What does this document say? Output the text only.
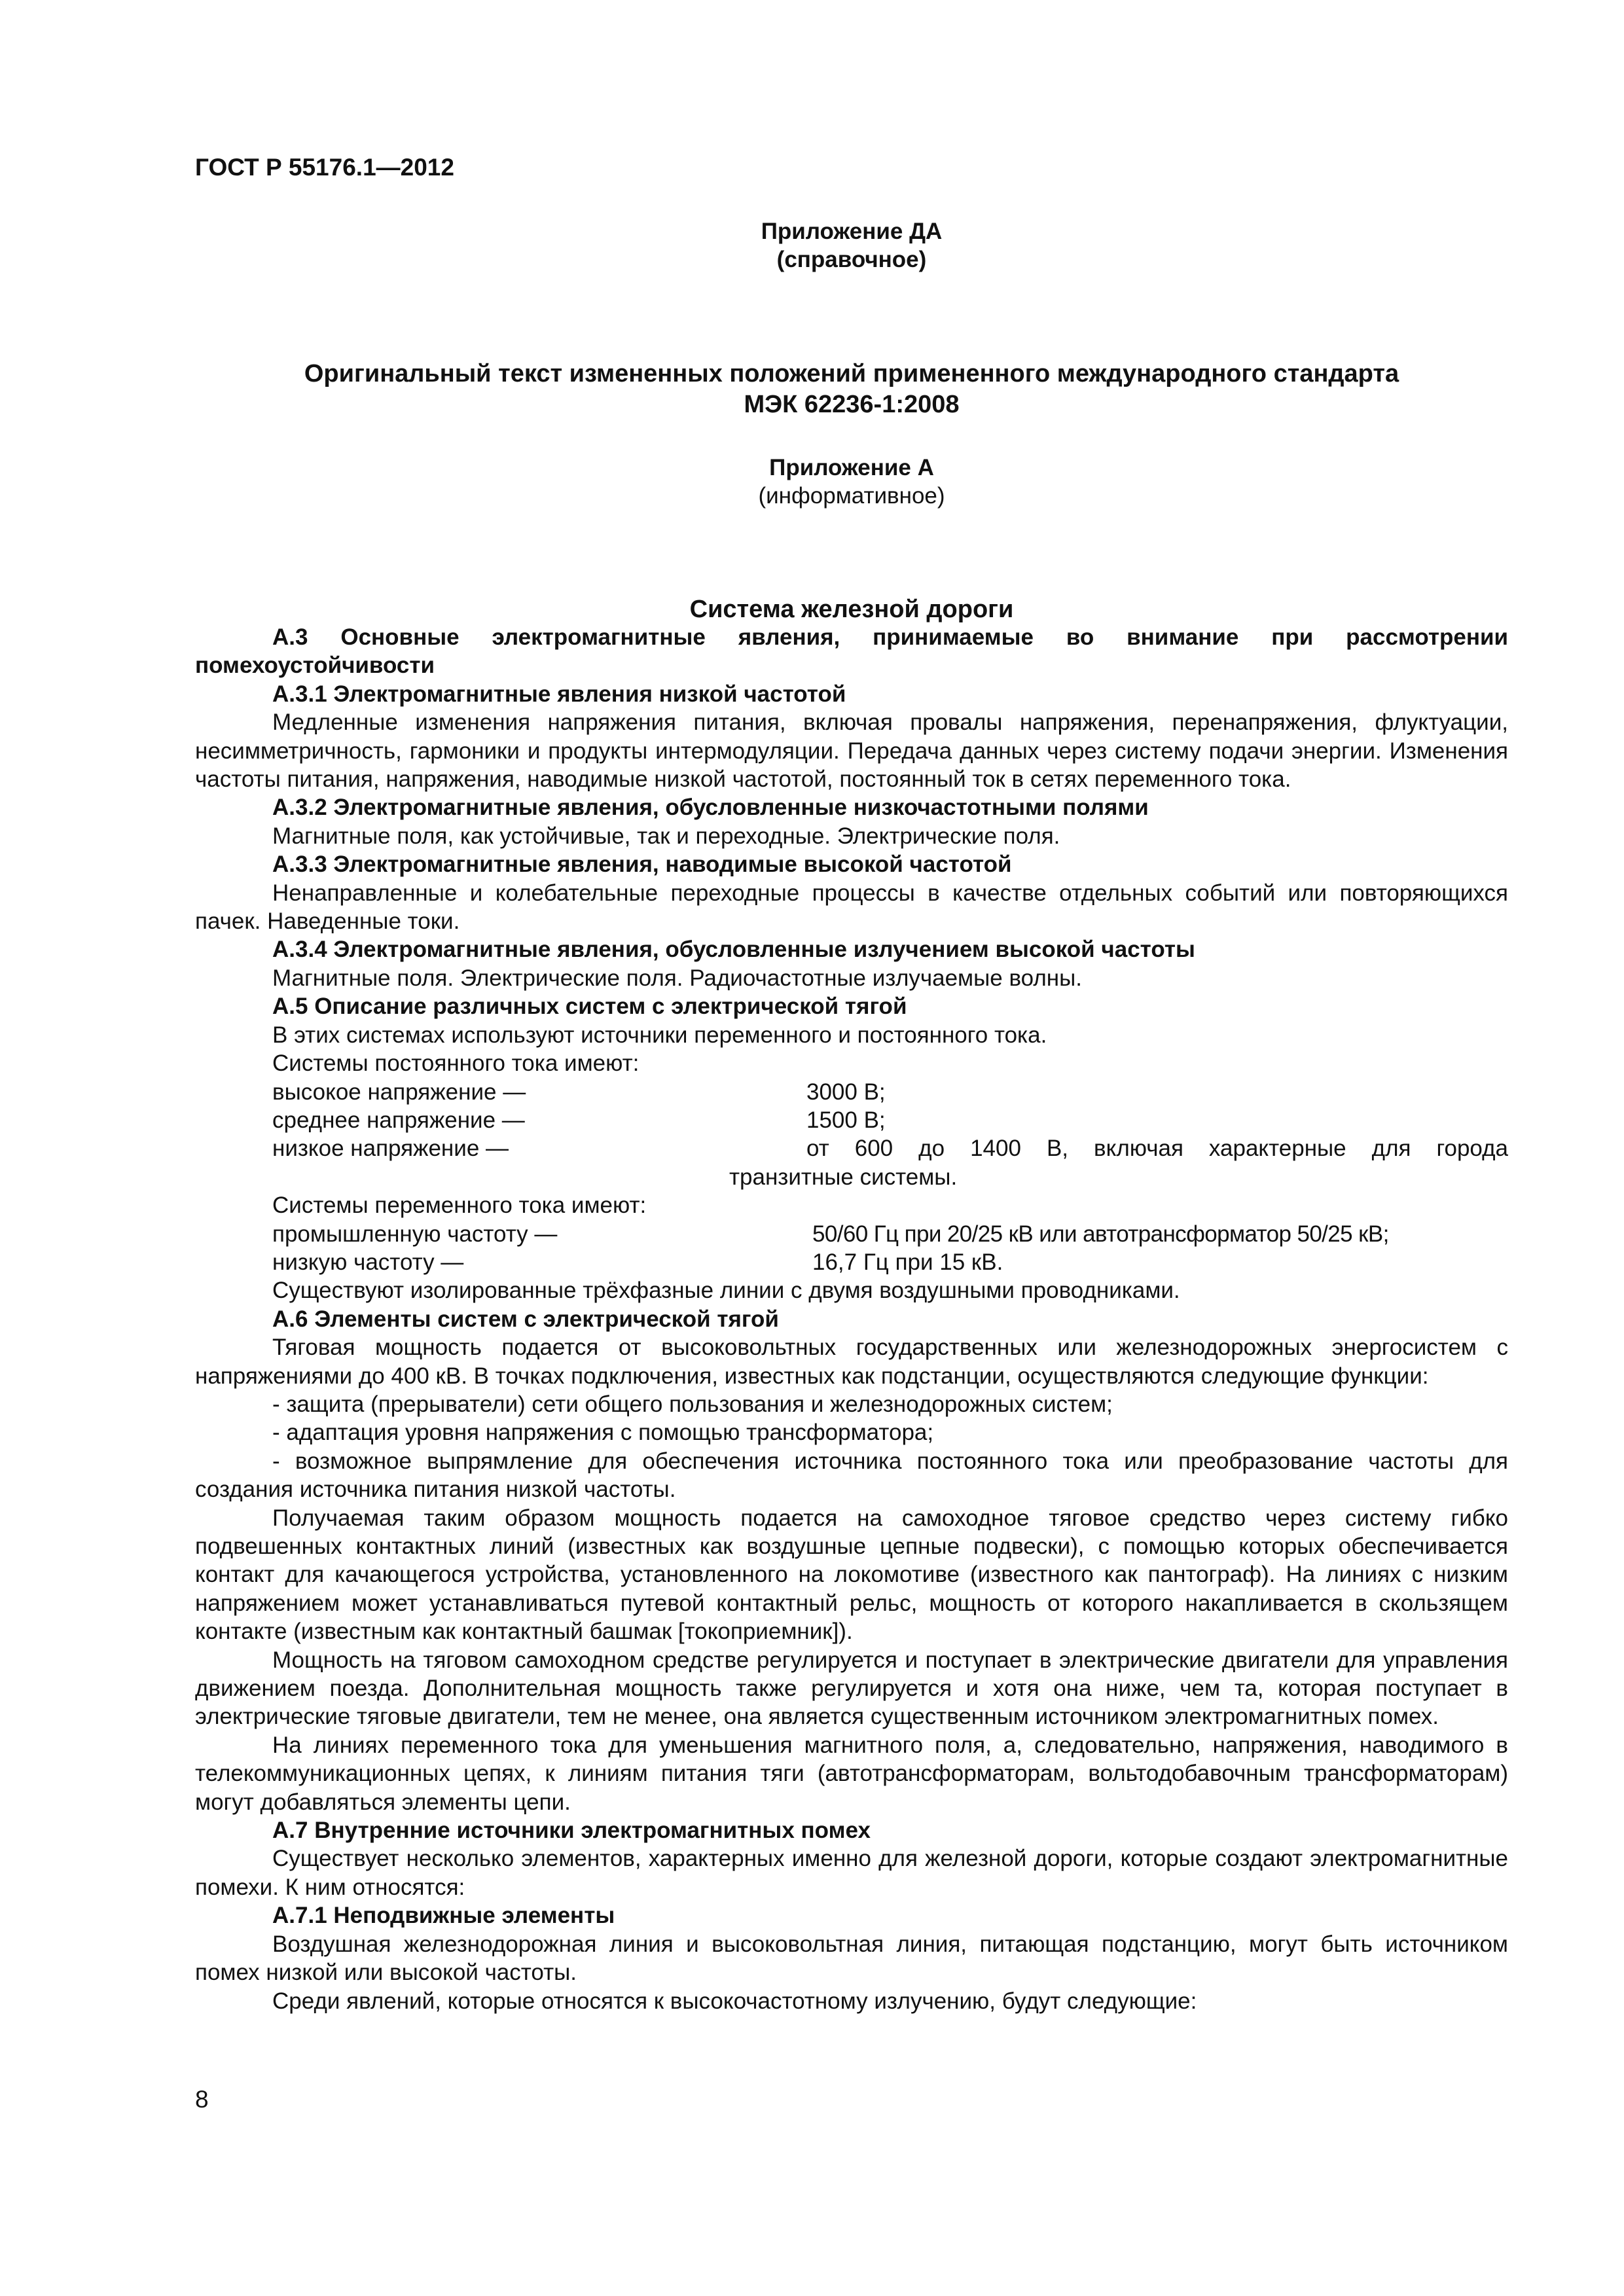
ГОСТ Р 55176.1—2012
Приложение ДА
(справочное)
Оригинальный текст измененных положений примененного международного стандарта
МЭК 62236-1:2008
Приложение А
(информативное)
Система железной дороги

А.3 Основные электромагнитные явления, принимаемые во внимание при рассмотрении помехоустойчивости

А.3.1 Электромагнитные явления низкой частотой

Медленные изменения напряжения питания, включая провалы напряжения, перенапряжения, флуктуации, несимметричность, гармоники и продукты интермодуляции. Передача данных через систему подачи энергии. Изменения частоты питания, напряжения, наводимые низкой частотой, постоянный ток в сетях переменного тока.

А.3.2 Электромагнитные явления, обусловленные низкочастотными полями

Магнитные поля, как устойчивые, так и переходные. Электрические поля.

А.3.3 Электромагнитные явления, наводимые высокой частотой

Ненаправленные и колебательные переходные процессы в качестве отдельных событий или повторяющихся пачек. Наведенные токи.

А.3.4 Электромагнитные явления, обусловленные излучением высокой частоты

Магнитные поля. Электрические поля. Радиочастотные излучаемые волны.

А.5 Описание различных систем с электрической тягой

В этих системах используют источники переменного и постоянного тока.

Системы постоянного тока имеют:

высокое напряжение —	3000 В;
среднее напряжение —	1500 В;
низкое напряжение —	от 600 до 1400 В, включая характерные для города

транзитные системы.

Системы переменного тока имеют:

промышленную частоту —	50/60 Гц при 20/25 кВ или автотрансформатор 50/25 кВ;
низкую частоту —	16,7 Гц при 15 кВ.

Существуют изолированные трёхфазные линии с двумя воздушными проводниками.

А.6 Элементы систем с электрической тягой

Тяговая мощность подается от высоковольтных государственных или железнодорожных энергосистем с напряжениями до 400 кВ. В точках подключения, известных как подстанции, осуществляются следующие функции:

- защита (прерыватели) сети общего пользования и железнодорожных систем;

- адаптация уровня напряжения с помощью трансформатора;

- возможное выпрямление для обеспечения источника постоянного тока или преобразование частоты для создания источника питания низкой частоты.

Получаемая таким образом мощность подается на самоходное тяговое средство через систему гибко подвешенных контактных линий (известных как воздушные цепные подвески), с помощью которых обеспечивается контакт для качающегося устройства, установленного на локомотиве (известного как пантограф). На линиях с низким напряжением может устанавливаться путевой контактный рельс, мощность от которого накапливается в скользящем контакте (известным как контактный башмак [токоприемник]).

Мощность на тяговом самоходном средстве регулируется и поступает в электрические двигатели для управления движением поезда. Дополнительная мощность также регулируется и хотя она ниже, чем та, которая поступает в электрические тяговые двигатели, тем не менее, она является существенным источником электромагнитных помех.

На линиях переменного тока для уменьшения магнитного поля, а, следовательно, напряжения, наводимого в телекоммуникационных цепях, к линиям питания тяги (автотрансформаторам, вольтодобавочным трансформаторам) могут добавляться элементы цепи.

А.7 Внутренние источники электромагнитных помех

Существует несколько элементов, характерных именно для железной дороги, которые создают электромагнитные помехи. К ним относятся:

А.7.1 Неподвижные элементы

Воздушная железнодорожная линия и высоковольтная линия, питающая подстанцию, могут быть источником помех низкой или высокой частоты.

Среди явлений, которые относятся к высокочастотному излучению, будут следующие:

8
